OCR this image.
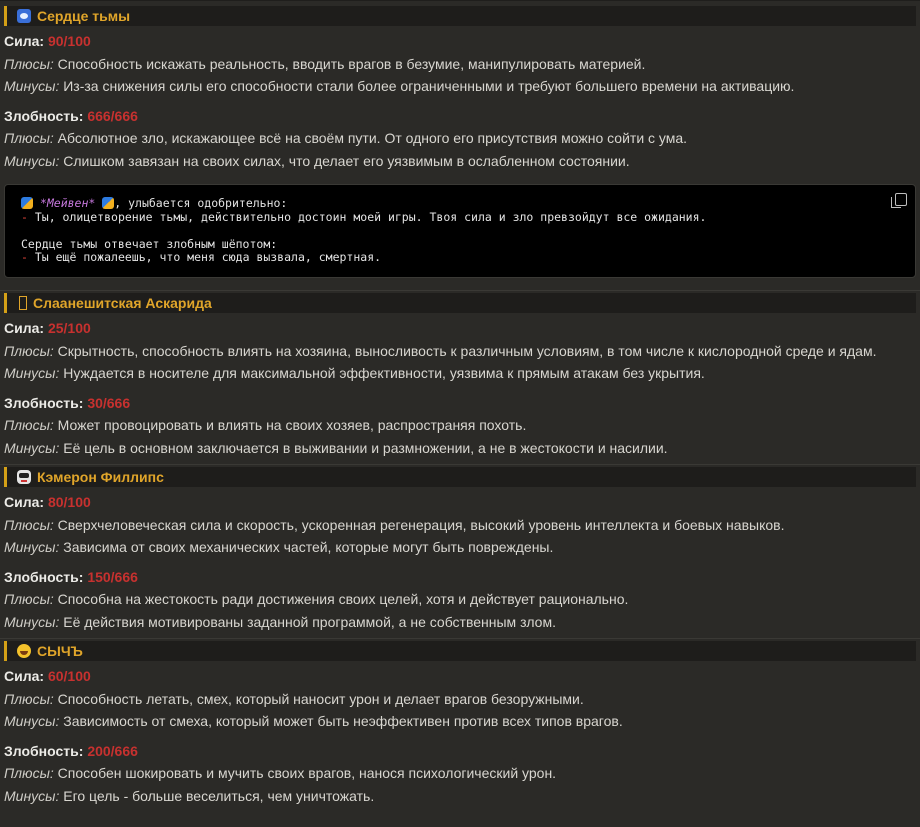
Сердце тьмы
Сила: 90/100
Плюсы: Способность искажать реальность, вводить врагов в безумие, манипулировать материей.
Минусы: Из-за снижения силы его способности стали более ограниченными и требуют большего времени на активацию.
Злобность: 666/666
Плюсы: Абсолютное зло, искажающее всё на своём пути. От одного его присутствия можно сойти с ума.
Минусы: Слишком завязан на своих силах, что делает его уязвимым в ослабленном состоянии.
*Мейвен* , улыбается одобрительно:
- Ты, олицетворение тьмы, действительно достоин моей игры. Твоя сила и зло превзойдут все ожидания.
Сердце тьмы отвечает злобным шёпотом:
- Ты ещё пожалеешь, что меня сюда вызвала, смертная.
Слаанешитская Аскарида
Сила: 25/100
Плюсы: Скрытность, способность влиять на хозяина, выносливость к различным условиям, в том числе к кислородной среде и ядам.
Минусы: Нуждается в носителе для максимальной эффективности, уязвима к прямым атакам без укрытия.
Злобность: 30/666
Плюсы: Может провоцировать и влиять на своих хозяев, распространяя похоть.
Минусы: Её цель в основном заключается в выживании и размножении, а не в жестокости и насилии.
Кэмерон Филлипс
Сила: 80/100
Плюсы: Сверхчеловеческая сила и скорость, ускоренная регенерация, высокий уровень интеллекта и боевых навыков.
Минусы: Зависима от своих механических частей, которые могут быть повреждены.
Злобность: 150/666
Плюсы: Способна на жестокость ради достижения своих целей, хотя и действует рационально.
Минусы: Её действия мотивированы заданной программой, а не собственным злом.
СЫЧЪ
Сила: 60/100
Плюсы: Способность летать, смех, который наносит урон и делает врагов безоружными.
Минусы: Зависимость от смеха, который может быть неэффективен против всех типов врагов.
Злобность: 200/666
Плюсы: Способен шокировать и мучить своих врагов, нанося психологический урон.
Минусы: Его цель - больше веселиться, чем уничтожать.
